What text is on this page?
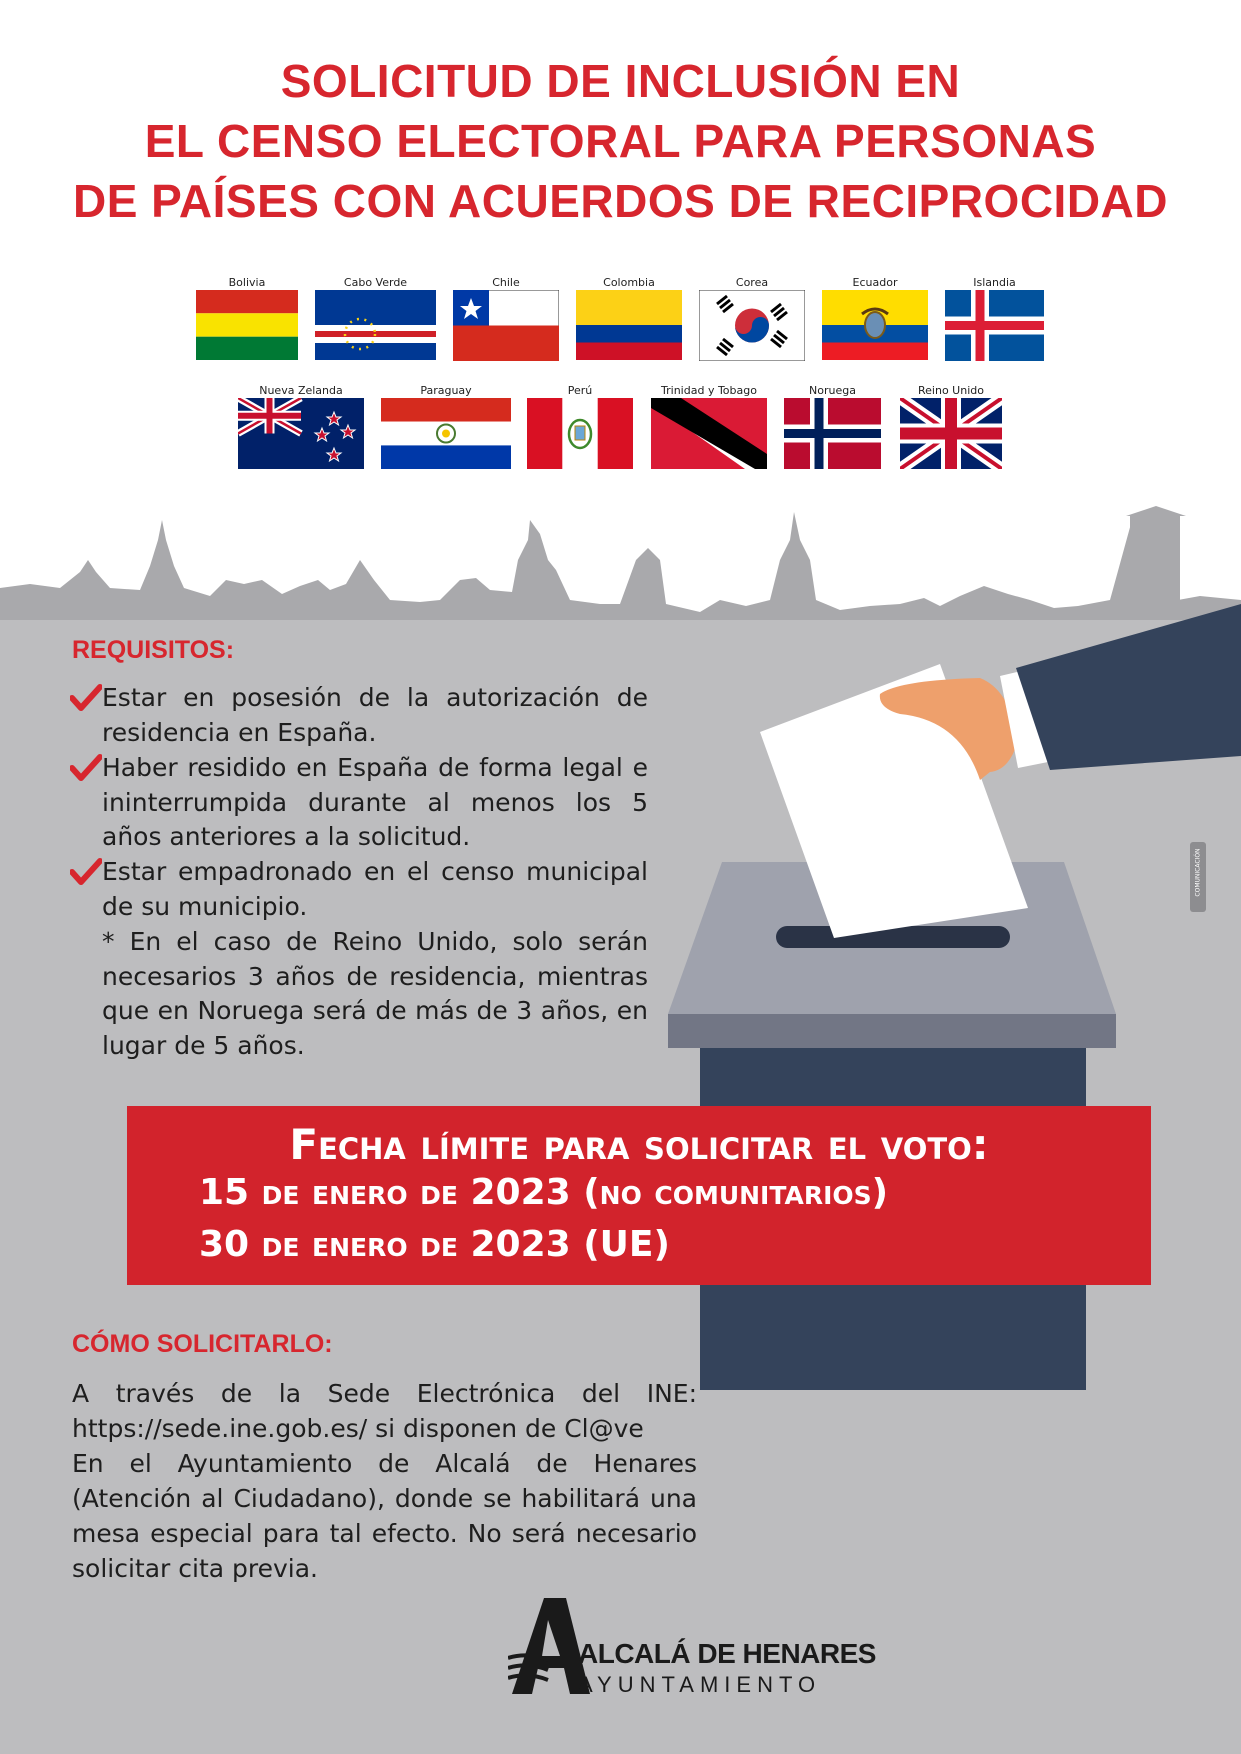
SOLICITUD DE INCLUSIÓN EN
EL CENSO ELECTORAL PARA PERSONAS
DE PAÍSES CON ACUERDOS DE RECIPROCIDAD
Bolivia	Cabo Verde	Chile	Colombia	Corea	Ecuador	Islandia
Nueva Zelanda	Paraguay	Perú	Trinidad y Tobago	Noruega	Reino Unido
REQUISITOS:
Estar en posesión de la autorización de residencia en España.
Haber residido en España de forma legal e ininterrumpida durante al menos los 5 años anteriores a la solicitud.
Estar empadronado en el censo municipal de su municipio.
* En el caso de Reino Unido, solo serán necesarios 3 años de residencia, mientras que en Noruega será de más de 3 años, en lugar de 5 años.
Fecha límite para solicitar el voto:
15 de enero de 2023 (no comunitarios)
30 de enero de 2023 (UE)
CÓMO SOLICITARLO:

A través de la Sede Electrónica del INE: https://sede.ine.gob.es/ si disponen de Cl@ve

En el Ayuntamiento de Alcalá de Henares (Atención al Ciudadano), donde se habilitará una mesa especial para tal efecto. No será necesario solicitar cita previa.

COMUNICACIÓN
ALCALÁ DE HENARES
AYUNTAMIENTO
